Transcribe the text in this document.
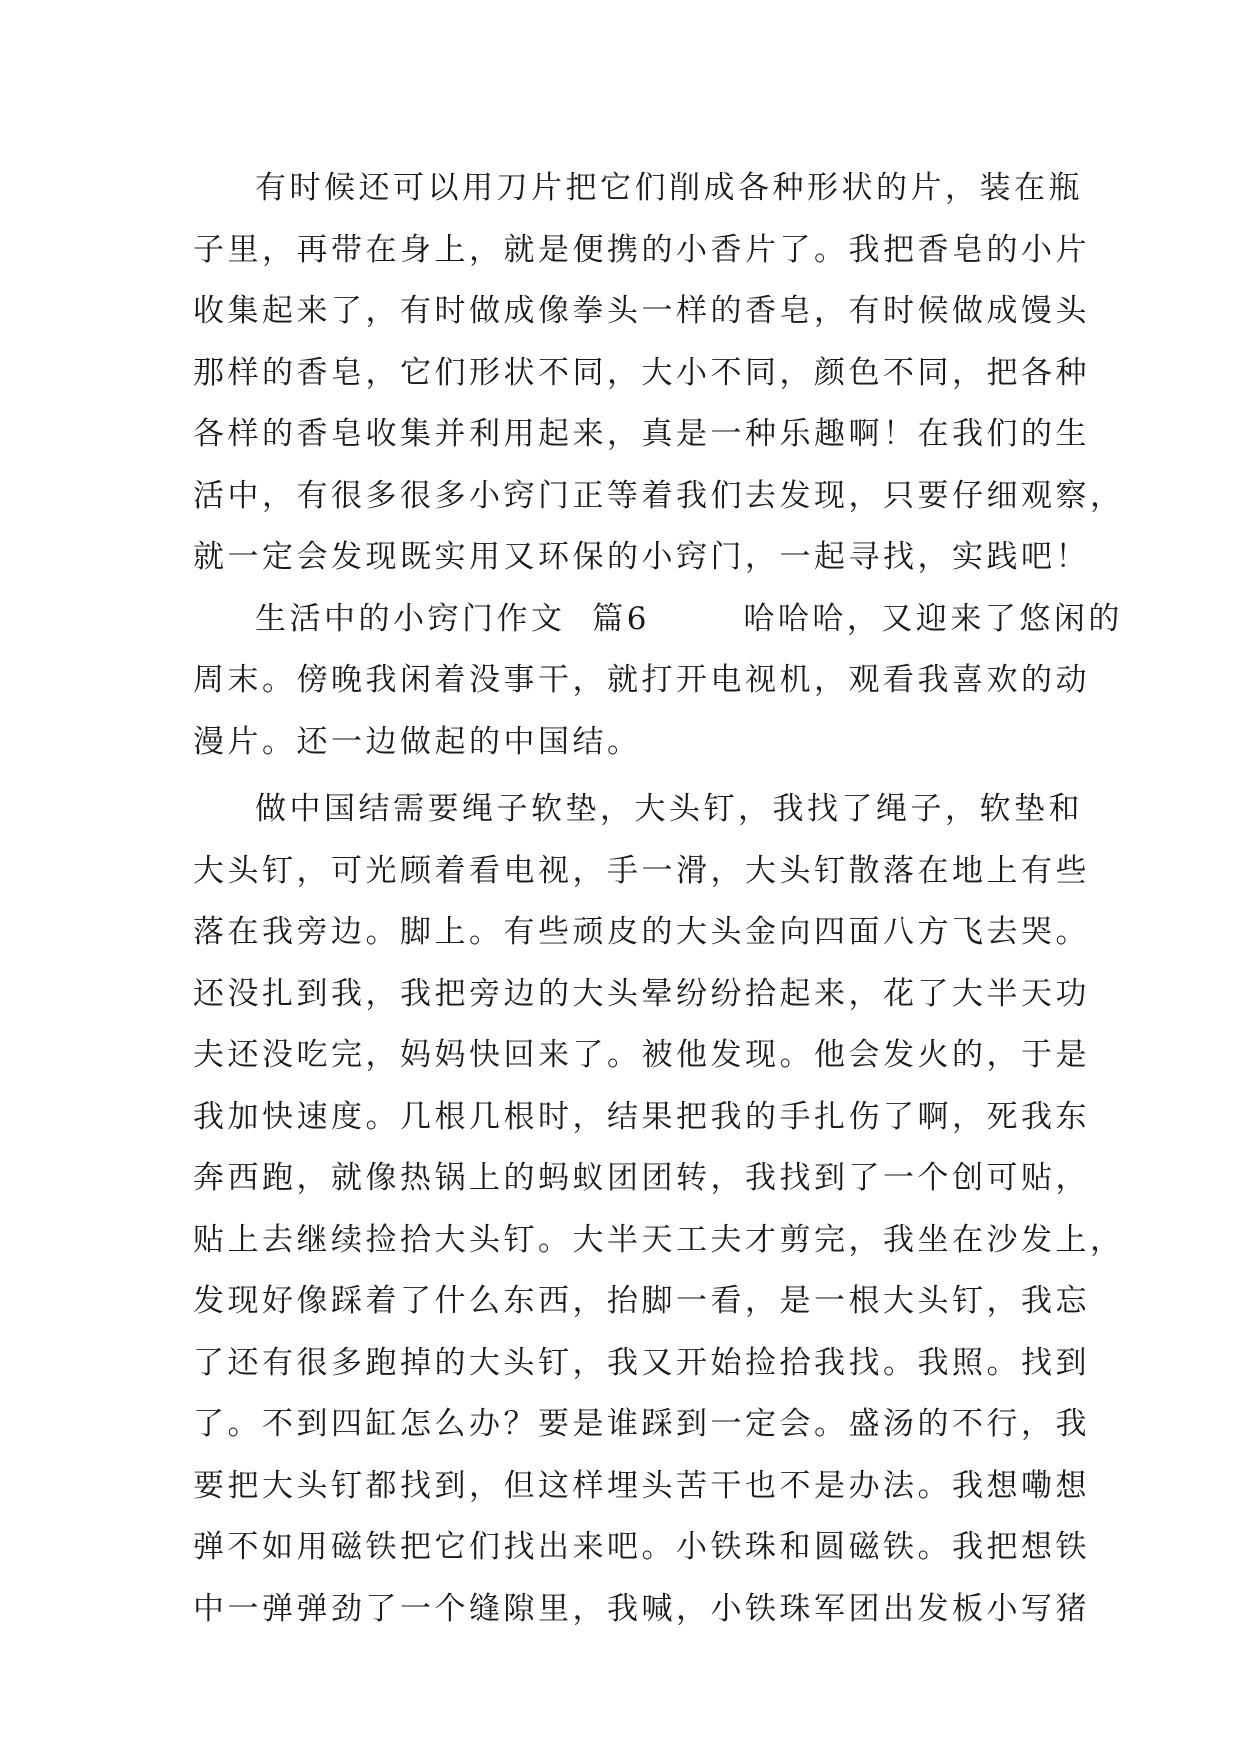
有时候还可以用刀片把它们削成各种形状的片，装在瓶
子里，再带在身上，就是便携的小香片了。我把香皂的小片
收集起来了，有时做成像拳头一样的香皂，有时候做成馒头
那样的香皂，它们形状不同，大小不同，颜色不同，把各种
各样的香皂收集并利用起来，真是一种乐趣啊！在我们的生
活中，有很多很多小窍门正等着我们去发现，只要仔细观察，
就一定会发现既实用又环保的小窍门，一起寻找，实践吧！
生活中的小窍门作文  篇6       哈哈哈，又迎来了悠闲的
周末。傍晚我闲着没事干，就打开电视机，观看我喜欢的动
漫片。还一边做起的中国结。
做中国结需要绳子软垫，大头钉，我找了绳子，软垫和
大头钉，可光顾着看电视，手一滑，大头钉散落在地上有些
落在我旁边。脚上。有些顽皮的大头金向四面八方飞去哭。
还没扎到我，我把旁边的大头晕纷纷拾起来，花了大半天功
夫还没吃完，妈妈快回来了。被他发现。他会发火的，于是
我加快速度。几根几根时，结果把我的手扎伤了啊，死我东
奔西跑，就像热锅上的蚂蚁团团转，我找到了一个创可贴，
贴上去继续捡拾大头钉。大半天工夫才剪完，我坐在沙发上，
发现好像踩着了什么东西，抬脚一看，是一根大头钉，我忘
了还有很多跑掉的大头钉，我又开始捡拾我找。我照。找到
了。不到四缸怎么办？要是谁踩到一定会。盛汤的不行，我
要把大头钉都找到，但这样埋头苦干也不是办法。我想嘞想
弹不如用磁铁把它们找出来吧。小铁珠和圆磁铁。我把想铁
中一弹弹劲了一个缝隙里，我喊，小铁珠军团出发板小写猪
